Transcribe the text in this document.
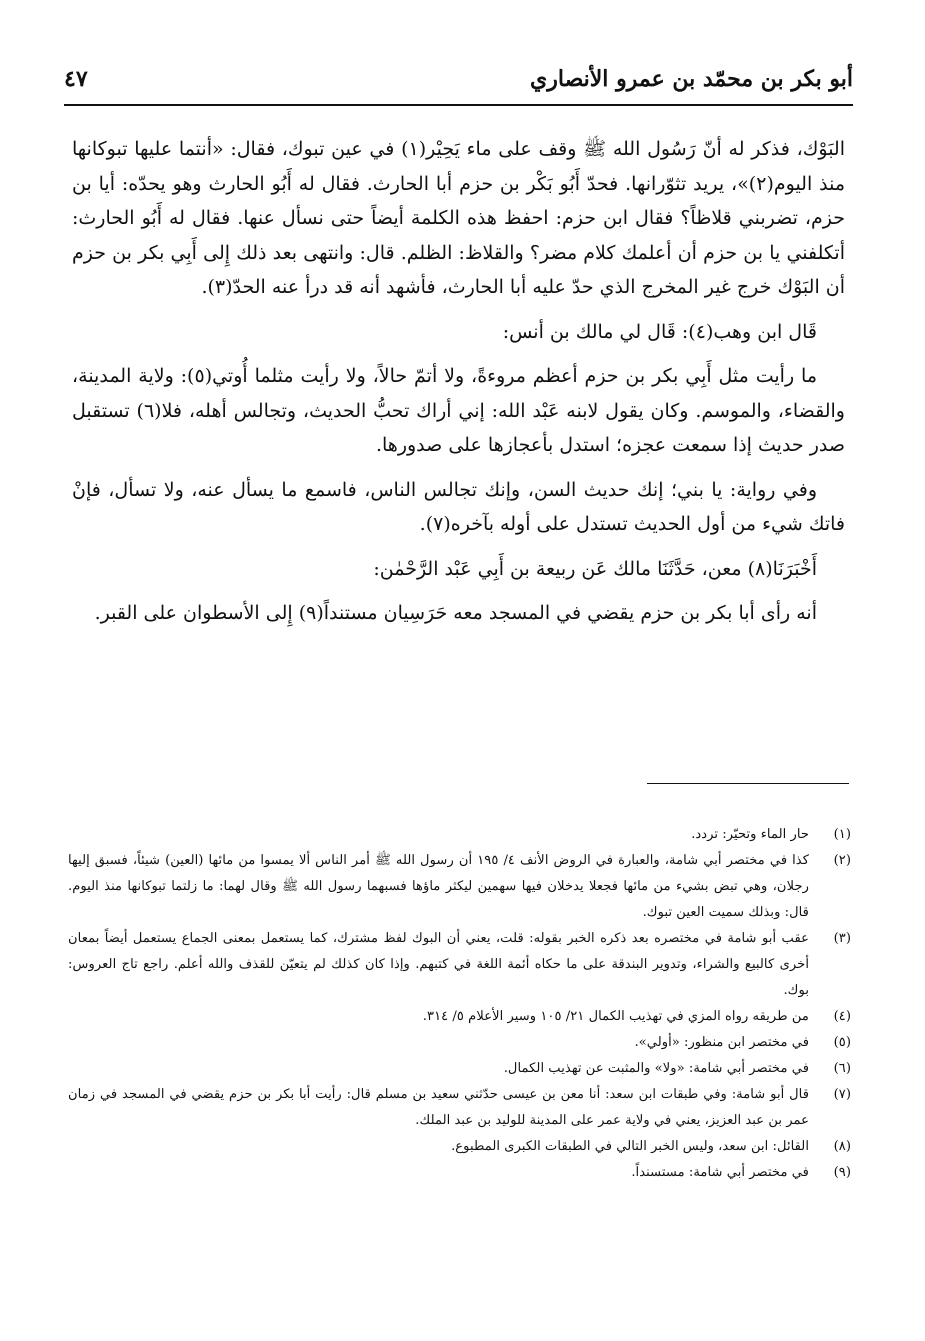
أبو بكر بن محمّد بن عمرو الأنصاري
٤٧

البَوْك، فذكر له أنّ رَسُول الله ﷺ وقف على ماء يَحِيْر(١) في عين تبوك، فقال: «أنتما عليها تبوكانها منذ اليوم(٢)»، يريد تثوّرانها. فحدّ أَبُو بَكْر بن حزم أبا الحارث. فقال له أَبُو الحارث وهو يحدّه: أيا بن حزم، تضربني قلاظاً؟ فقال ابن حزم: احفظ هذه الكلمة أيضاً حتى نسأل عنها. فقال له أَبُو الحارث: أتكلفني يا بن حزم أن أعلمك كلام مضر؟ والقلاظ: الظلم. قال: وانتهى بعد ذلك إِلى أَبِي بكر بن حزم أن البَوْك خرج غير المخرج الذي حدّ عليه أبا الحارث، فأشهد أنه قد درأ عنه الحدّ(٣).

قَال ابن وهب(٤): قَال لي مالك بن أنس:

ما رأيت مثل أَبِي بكر بن حزم أعظم مروءةً، ولا أتمّ حالاً، ولا رأيت مثلما أُوتي(٥): ولاية المدينة، والقضاء، والموسم. وكان يقول لابنه عَبْد الله: إني أراك تحبُّ الحديث، وتجالس أهله، فلا(٦) تستقبل صدر حديث إذا سمعت عجزه؛ استدل بأعجازها على صدورها.

وفي رواية: يا بني؛ إنك حديث السن، وإنك تجالس الناس، فاسمع ما يسأل عنه، ولا تسأل، فإنْ فاتك شيء من أول الحديث تستدل على أوله بآخره(٧).

أَخْبَرَنَا(٨) معن، حَدَّثَنَا مالك عَن ربيعة بن أَبِي عَبْد الرَّحْمٰن:

أنه رأى أبا بكر بن حزم يقضي في المسجد معه حَرَسِيان مستنداً(٩) إِلى الأسطوان على القبر.

(١)
حار الماء وتحيّر: تردد.
(٢)
كذا في مختصر أبي شامة، والعبارة في الروض الأنف ٤/ ١٩٥ أن رسول الله ﷺ أمر الناس ألا يمسوا من مائها (العين) شيئاً، فسبق إليها رجلان، وهي تبض بشيء من مائها فجعلا يدخلان فيها سهمين ليكثر ماؤها فسبهما رسول الله ﷺ وقال لهما: ما زلتما تبوكانها منذ اليوم. قال: وبذلك سميت العين تبوك.
(٣)
عقب أبو شامة في مختصره بعد ذكره الخبر بقوله: قلت، يعني أن البوك لفظ مشترك، كما يستعمل بمعنى الجماع يستعمل أيضاً بمعان أخرى كالبيع والشراء، وتدوير البندقة على ما حكاه أئمة اللغة في كتبهم. وإذا كان كذلك لم يتعيّن للقذف والله أعلم. راجع تاج العروس: بوك.
(٤)
من طريقه رواه المزي في تهذيب الكمال ٢١/ ١٠٥ وسير الأعلام ٥/ ٣١٤.
(٥)
في مختصر ابن منظور: «أولي».
(٦)
في مختصر أبي شامة: «ولا» والمثبت عن تهذيب الكمال.
(٧)
قال أبو شامة: وفي طبقات ابن سعد: أنا معن بن عيسى حدّثني سعيد بن مسلم قال: رأيت أبا بكر بن حزم يقضي في المسجد في زمان عمر بن عبد العزيز، يعني في ولاية عمر على المدينة للوليد بن عبد الملك.
(٨)
القائل: ابن سعد، وليس الخبر التالي في الطبقات الكبرى المطبوع.
(٩)
في مختصر أبي شامة: مستسنداً.
